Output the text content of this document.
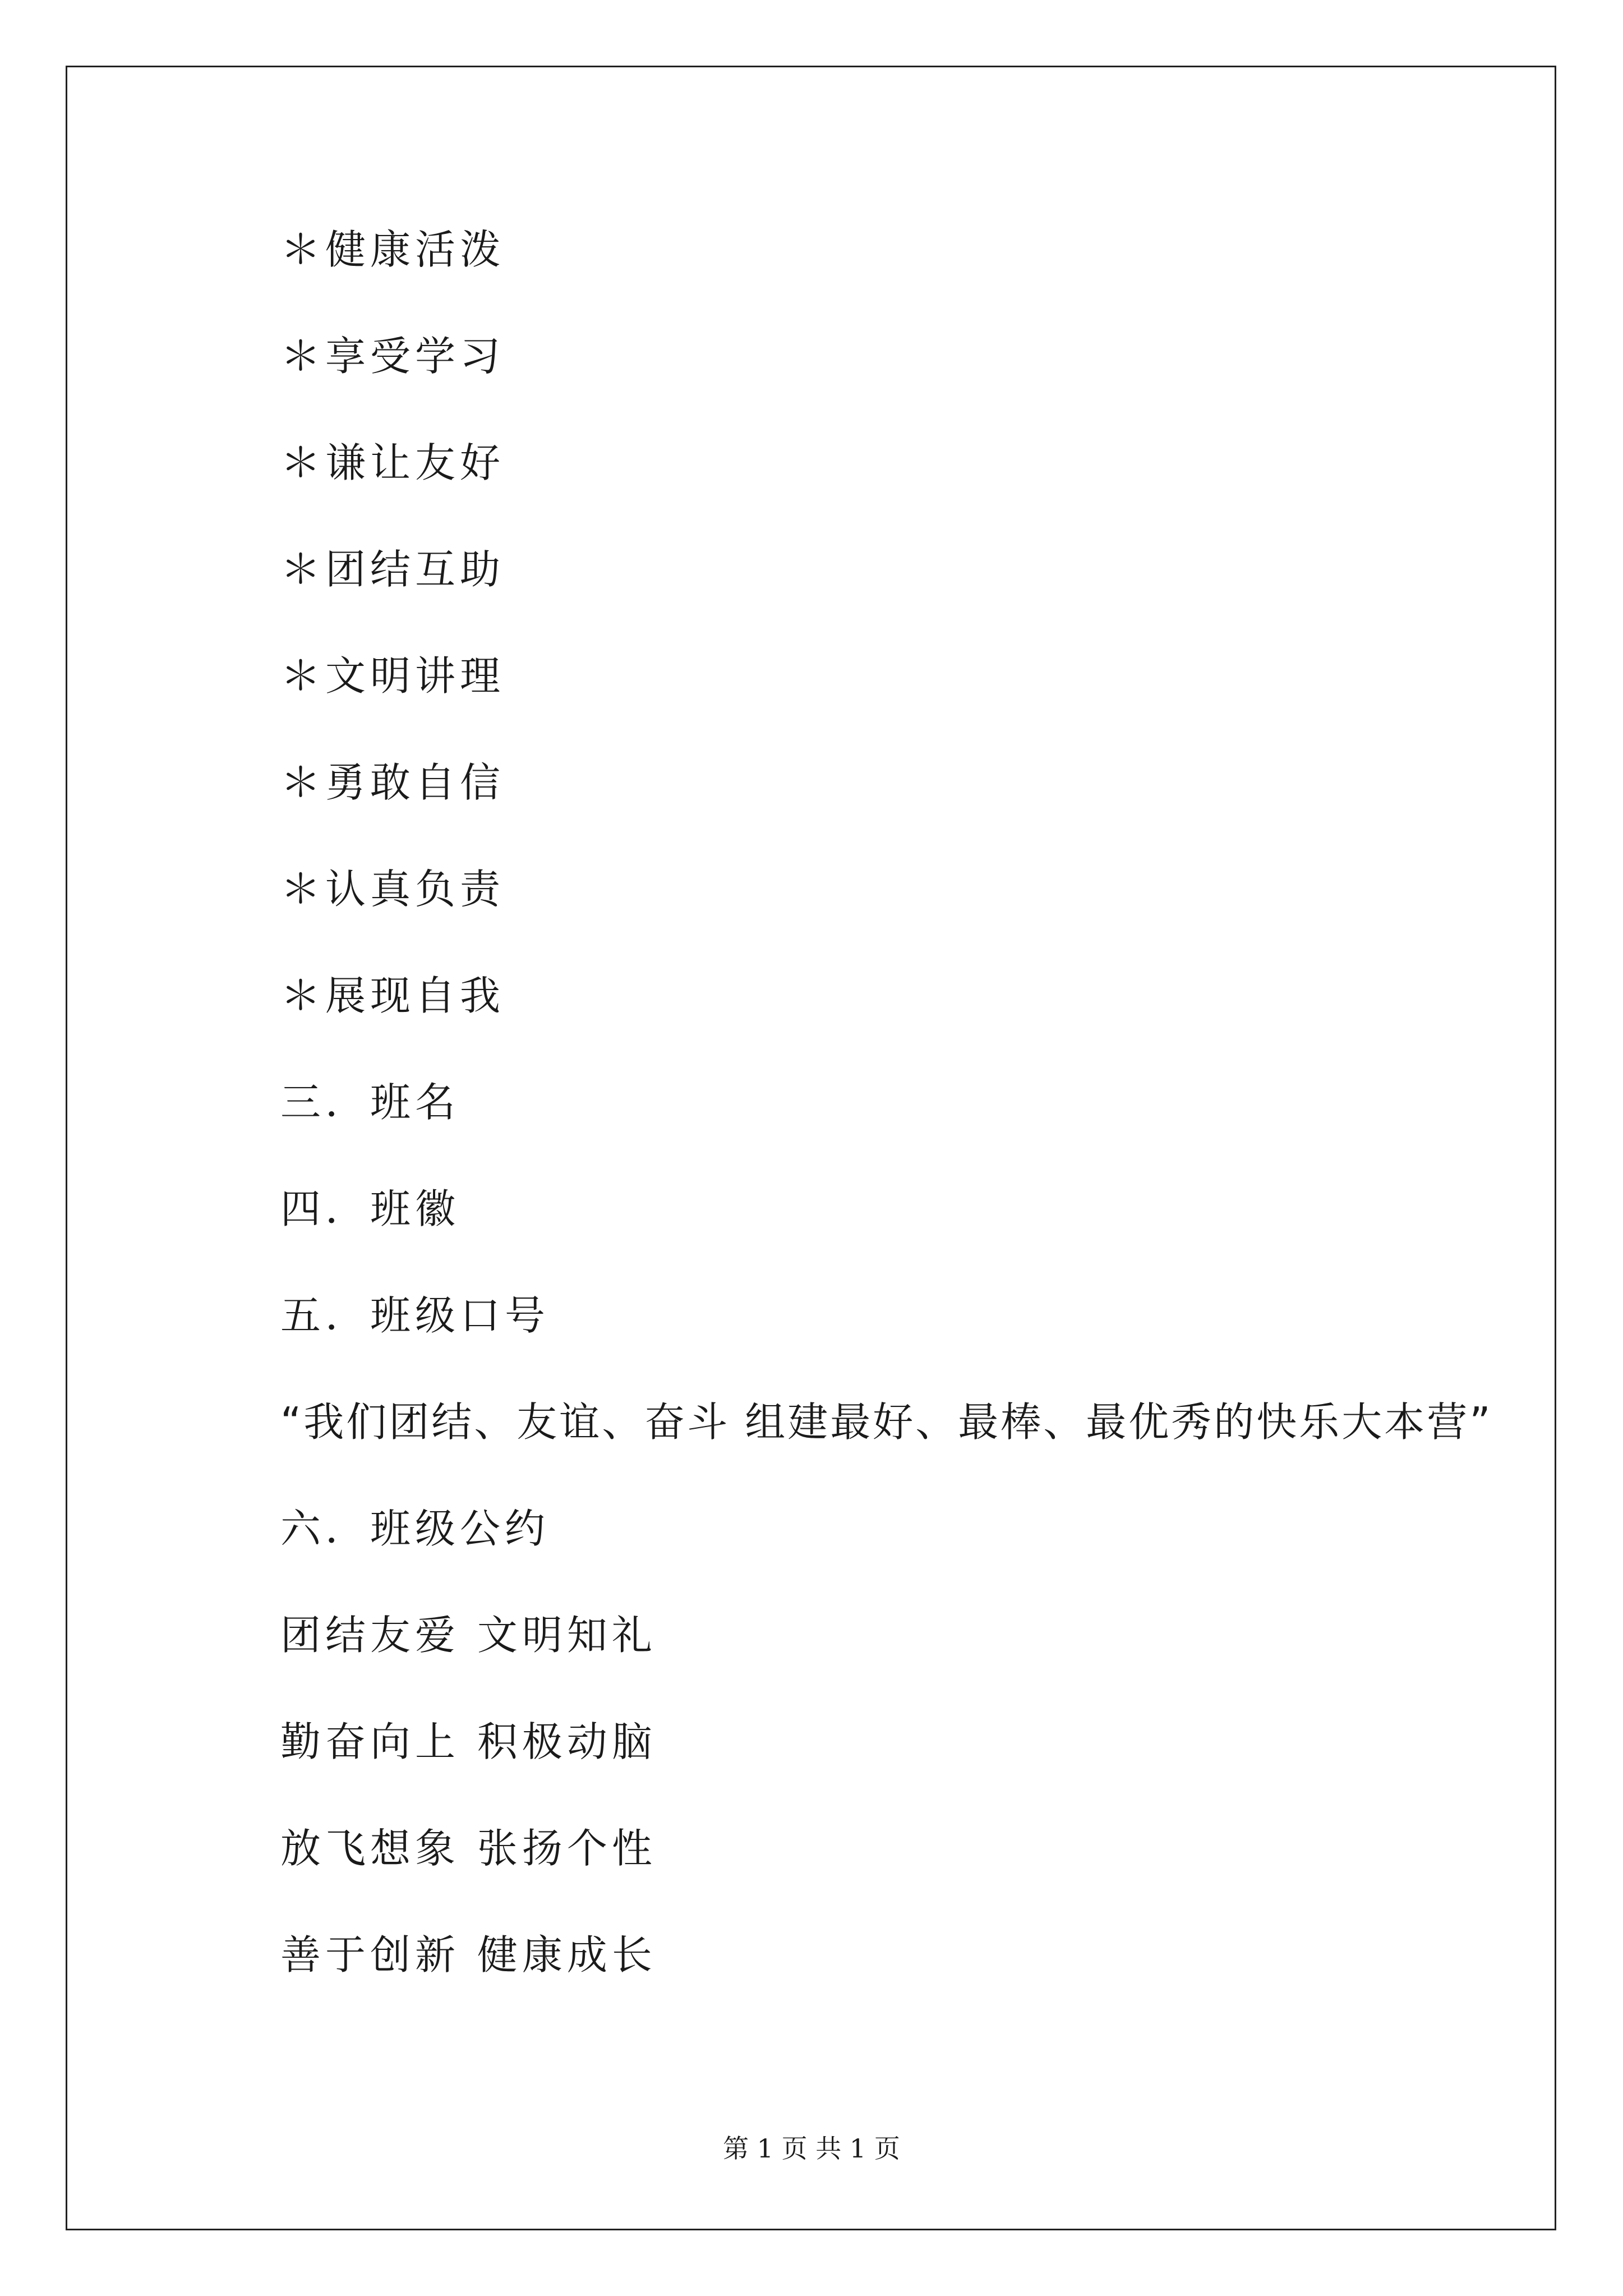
＊健康活泼
＊享受学习
＊谦让友好
＊团结互助
＊文明讲理
＊勇敢自信
＊认真负责
＊展现自我
三．班名
四．班徽
五．班级口号
“我们团结、友谊、奋斗 组建最好、最棒、最优秀的快乐大本营”
六．班级公约
团结友爱 文明知礼
勤奋向上 积极动脑
放飞想象 张扬个性
善于创新 健康成长
第 1 页 共 1 页
